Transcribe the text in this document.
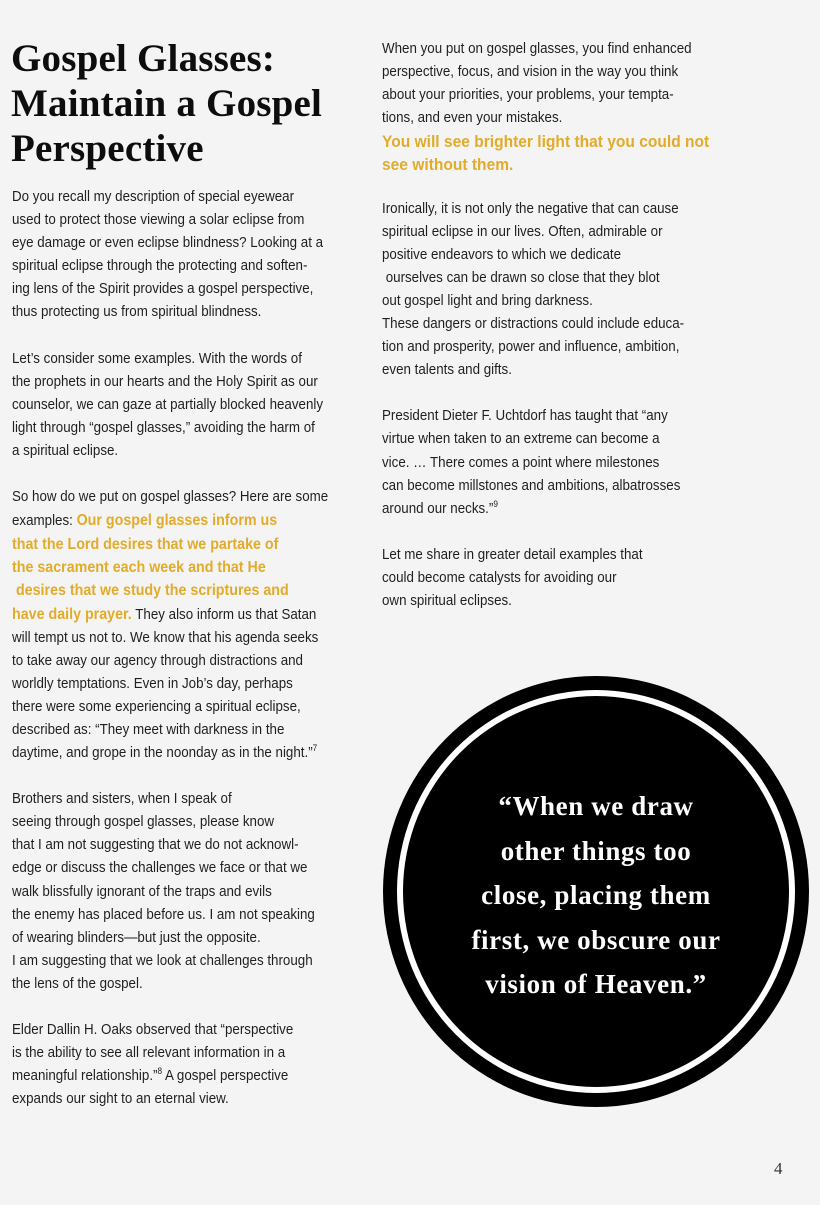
Gospel Glasses:
Maintain a Gospel
Perspective

Do you recall my description of special eyewear
used to protect those viewing a solar eclipse from
eye damage or even eclipse blindness? Looking at a
spiritual eclipse through the protecting and soften-
ing lens of the Spirit provides a gospel perspective,
thus protecting us from spiritual blindness.

Let’s consider some examples. With the words of
the prophets in our hearts and the Holy Spirit as our
counselor, we can gaze at partially blocked heavenly
light through “gospel glasses,” avoiding the harm of
a spiritual eclipse.

So how do we put on gospel glasses? Here are some
examples: Our gospel glasses inform us
that the Lord desires that we partake of
the sacrament each week and that He
desires that we study the scriptures and
have daily prayer. They also inform us that Satan
will tempt us not to. We know that his agenda seeks
to take away our agency through distractions and
worldly temptations. Even in Job’s day, perhaps
there were some experiencing a spiritual eclipse,
described as: “They meet with darkness in the
daytime, and grope in the noonday as in the night.”$^7$

Brothers and sisters, when I speak of
seeing through gospel glasses, please know
that I am not suggesting that we do not acknowl-
edge or discuss the challenges we face or that we
walk blissfully ignorant of the traps and evils
the enemy has placed before us. I am not speaking
of wearing blinders—but just the opposite.
I am suggesting that we look at challenges through
the lens of the gospel.

Elder Dallin H. Oaks observed that “perspective
is the ability to see all relevant information in a
meaningful relationship.”$^8$ A gospel perspective
expands our sight to an eternal view.

When you put on gospel glasses, you find enhanced
perspective, focus, and vision in the way you think
about your priorities, your problems, your tempta-
tions, and even your mistakes.
You will see brighter light that you could not
see without them.

Ironically, it is not only the negative that can cause
spiritual eclipse in our lives. Often, admirable or
positive endeavors to which we dedicate
ourselves can be drawn so close that they blot
out gospel light and bring darkness.
These dangers or distractions could include educa-
tion and prosperity, power and influence, ambition,
even talents and gifts.

President Dieter F. Uchtdorf has taught that “any
virtue when taken to an extreme can become a
vice. … There comes a point where milestones
can become millstones and ambitions, albatrosses
around our necks.”$^9$

Let me share in greater detail examples that
could become catalysts for avoiding our
own spiritual eclipses.

“When we draw
other things too
close, placing them
first, we obscure our
vision of Heaven.”
4
